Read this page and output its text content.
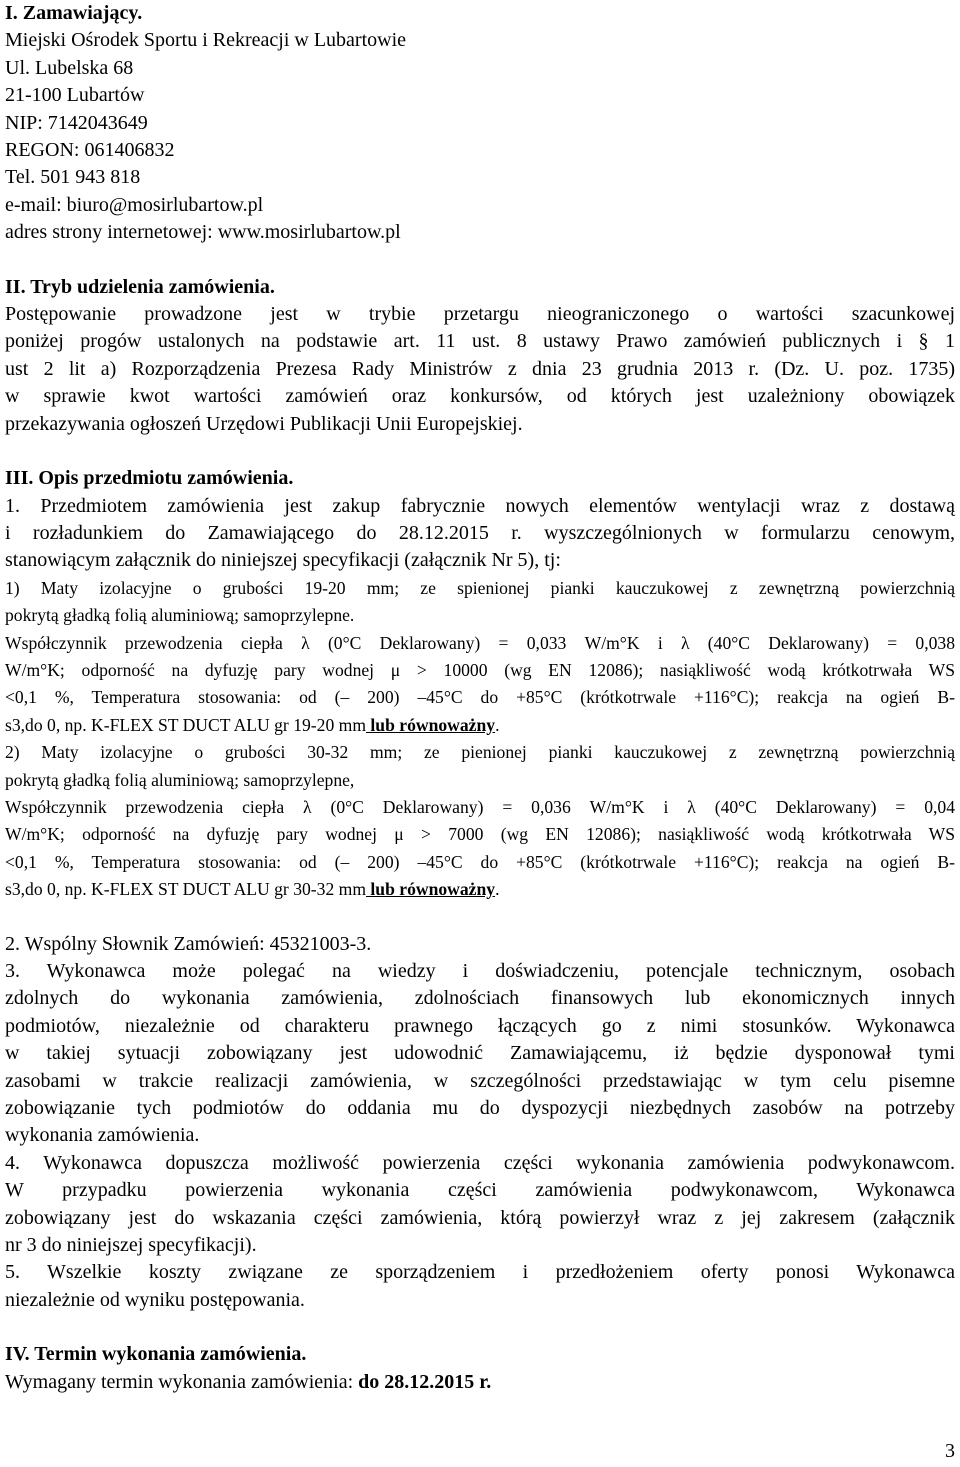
I. Zamawiający.
Miejski Ośrodek Sportu i Rekreacji w Lubartowie
Ul. Lubelska 68
21-100 Lubartów
NIP: 7142043649
REGON: 061406832
Tel. 501 943 818
e-mail: biuro@mosirlubartow.pl
adres strony internetowej: www.mosirlubartow.pl
II. Tryb udzielenia zamówienia.
Postępowanie prowadzone jest w trybie przetargu nieograniczonego o wartości szacunkowej
poniżej progów ustalonych na podstawie art. 11 ust. 8 ustawy Prawo zamówień publicznych i § 1
ust 2 lit a) Rozporządzenia Prezesa Rady Ministrów z dnia 23 grudnia 2013 r. (Dz. U. poz. 1735)
w sprawie kwot wartości zamówień oraz konkursów, od których jest uzależniony obowiązek
przekazywania ogłoszeń Urzędowi Publikacji Unii Europejskiej.
III. Opis przedmiotu zamówienia.
1. Przedmiotem zamówienia jest zakup fabrycznie nowych elementów wentylacji wraz z dostawą
i rozładunkiem do Zamawiającego do 28.12.2015 r. wyszczególnionych w formularzu cenowym,
stanowiącym załącznik do niniejszej specyfikacji (załącznik Nr 5), tj:
1) Maty izolacyjne o grubości 19-20 mm; ze spienionej pianki kauczukowej z zewnętrzną powierzchnią
pokrytą gładką folią aluminiową; samoprzylepne.
Współczynnik przewodzenia ciepła λ (0°C Deklarowany) = 0,033 W/m°K i λ (40°C Deklarowany) = 0,038
W/m°K; odporność na dyfuzję pary wodnej μ > 10000 (wg EN 12086); nasiąkliwość wodą krótkotrwała WS
<0,1 %, Temperatura stosowania: od (– 200) –45°C do +85°C (krótkotrwale +116°C); reakcja na ogień B-
s3,do 0, np. K-FLEX ST DUCT ALU gr 19-20 mm lub równoważny.
2) Maty izolacyjne o grubości 30-32 mm; ze pienionej pianki kauczukowej z zewnętrzną powierzchnią
pokrytą gładką folią aluminiową; samoprzylepne,
Współczynnik przewodzenia ciepła λ (0°C Deklarowany) = 0,036 W/m°K i λ (40°C Deklarowany) = 0,04
W/m°K; odporność na dyfuzję pary wodnej μ > 7000 (wg EN 12086); nasiąkliwość wodą krótkotrwała WS
<0,1 %, Temperatura stosowania: od (– 200) –45°C do +85°C (krótkotrwale +116°C); reakcja na ogień B-
s3,do 0, np. K-FLEX ST DUCT ALU gr 30-32 mm lub równoważny.
2. Wspólny Słownik Zamówień: 45321003-3.
3. Wykonawca może polegać na wiedzy i doświadczeniu, potencjale technicznym, osobach
zdolnych do wykonania zamówienia, zdolnościach finansowych lub ekonomicznych innych
podmiotów, niezależnie od charakteru prawnego łączących go z nimi stosunków. Wykonawca
w takiej sytuacji zobowiązany jest udowodnić Zamawiającemu, iż będzie dysponował tymi
zasobami w trakcie realizacji zamówienia, w szczególności przedstawiając w tym celu pisemne
zobowiązanie tych podmiotów do oddania mu do dyspozycji niezbędnych zasobów na potrzeby
wykonania zamówienia.
4. Wykonawca dopuszcza możliwość powierzenia części wykonania zamówienia podwykonawcom.
W przypadku powierzenia wykonania części zamówienia podwykonawcom, Wykonawca
zobowiązany jest do wskazania części zamówienia, którą powierzył wraz z jej zakresem (załącznik
nr 3 do niniejszej specyfikacji).
5. Wszelkie koszty związane ze sporządzeniem i przedłożeniem oferty ponosi Wykonawca
niezależnie od wyniku postępowania.
IV. Termin wykonania zamówienia.
Wymagany termin wykonania zamówienia: do 28.12.2015 r.
3
